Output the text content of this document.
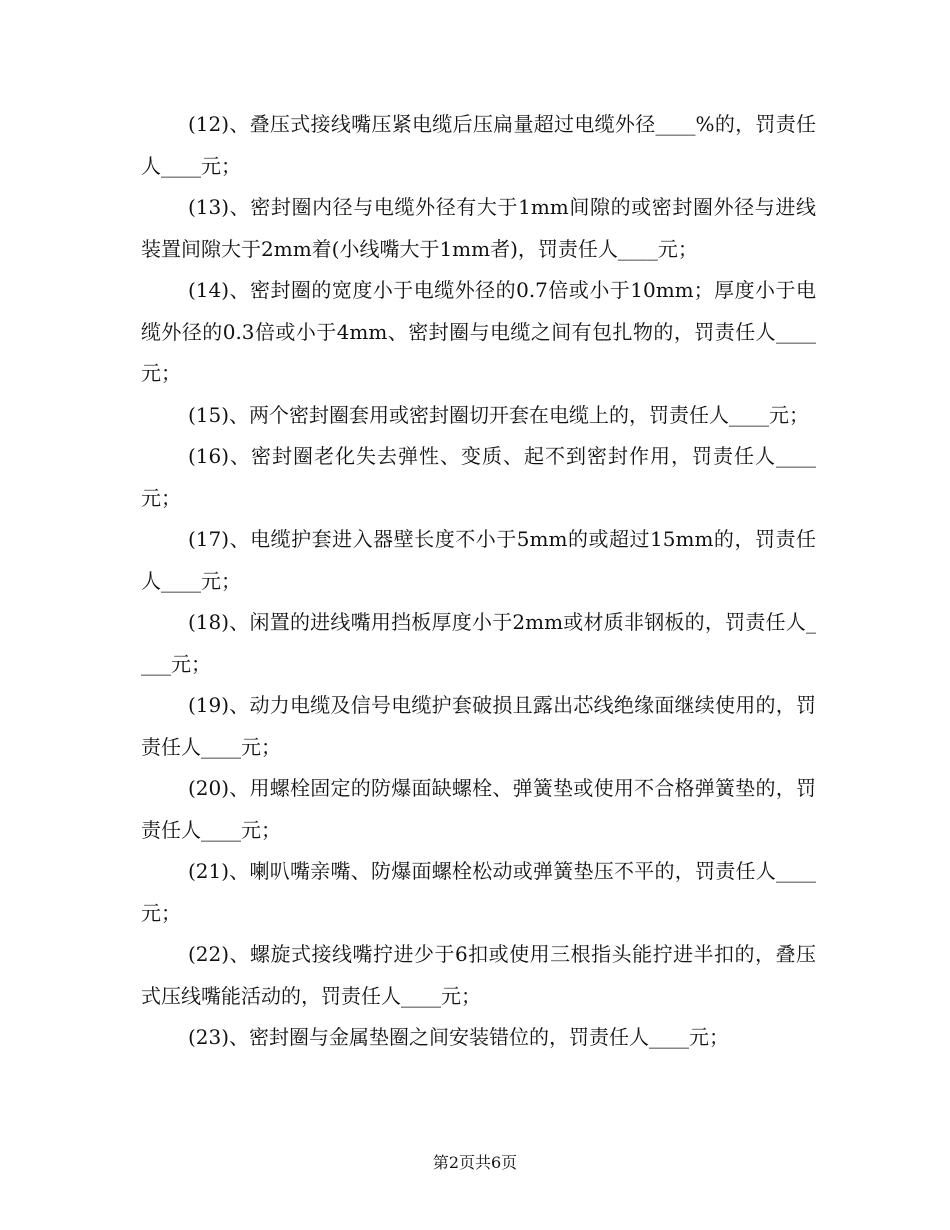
(12)、叠压式接线嘴压紧电缆后压扁量超过电缆外径____%的，罚责任人____元；

(13)、密封圈内径与电缆外径有大于1mm间隙的或密封圈外径与进线装置间隙大于2mm着(小线嘴大于1mm者)，罚责任人____元；

(14)、密封圈的宽度小于电缆外径的0.7倍或小于10mm；厚度小于电缆外径的0.3倍或小于4mm、密封圈与电缆之间有包扎物的，罚责任人____元；

(15)、两个密封圈套用或密封圈切开套在电缆上的，罚责任人____元；

(16)、密封圈老化失去弹性、变质、起不到密封作用，罚责任人____元；

(17)、电缆护套进入器壁长度不小于5mm的或超过15mm的，罚责任人____元；

(18)、闲置的进线嘴用挡板厚度小于2mm或材质非钢板的，罚责任人____元；

(19)、动力电缆及信号电缆护套破损且露出芯线绝缘面继续使用的，罚责任人____元；

(20)、用螺栓固定的防爆面缺螺栓、弹簧垫或使用不合格弹簧垫的，罚责任人____元；

(21)、喇叭嘴亲嘴、防爆面螺栓松动或弹簧垫压不平的，罚责任人____元；

(22)、螺旋式接线嘴拧进少于6扣或使用三根指头能拧进半扣的，叠压式压线嘴能活动的，罚责任人____元；

(23)、密封圈与金属垫圈之间安装错位的，罚责任人____元；

第2页共6页
